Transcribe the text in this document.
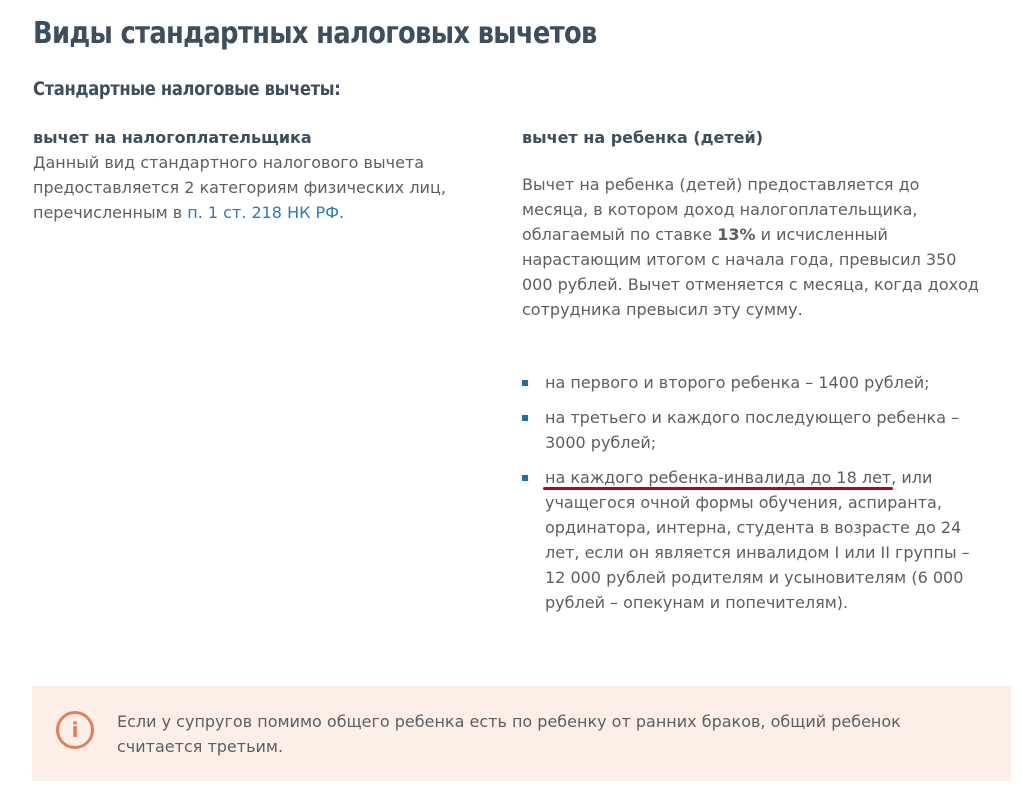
Виды стандартных налоговых вычетов
Стандартные налоговые вычеты:
вычет на налогоплательщика

Данный вид стандартного налогового вычета предоставляется 2 категориям физических лиц, перечисленным в п. 1 ст. 218 НК РФ.

вычет на ребенка (детей)

Вычет на ребенка (детей) предоставляется до месяца, в котором доход налогоплательщика, облагаемый по ставке 13% и исчисленный нарастающим итогом с начала года, превысил 350 000 рублей. Вычет отменяется с месяца, когда доход сотрудника превысил эту сумму.

на первого и второго ребенка – 1400 рублей;
на третьего и каждого последующего ребенка – 3000 рублей;
на каждого ребенка-инвалида до 18 лет
, или учащегося очной формы обучения, аспиранта, ординатора, интерна, студента в возрасте до 24 лет, если он является инвалидом I или II группы – 12 000 рублей родителям и усыновителям (6 000 рублей – опекунам и попечителям).
i	Если у супругов помимо общего ребенка есть по ребенку от ранних браков, общий ребенок считается третьим.
